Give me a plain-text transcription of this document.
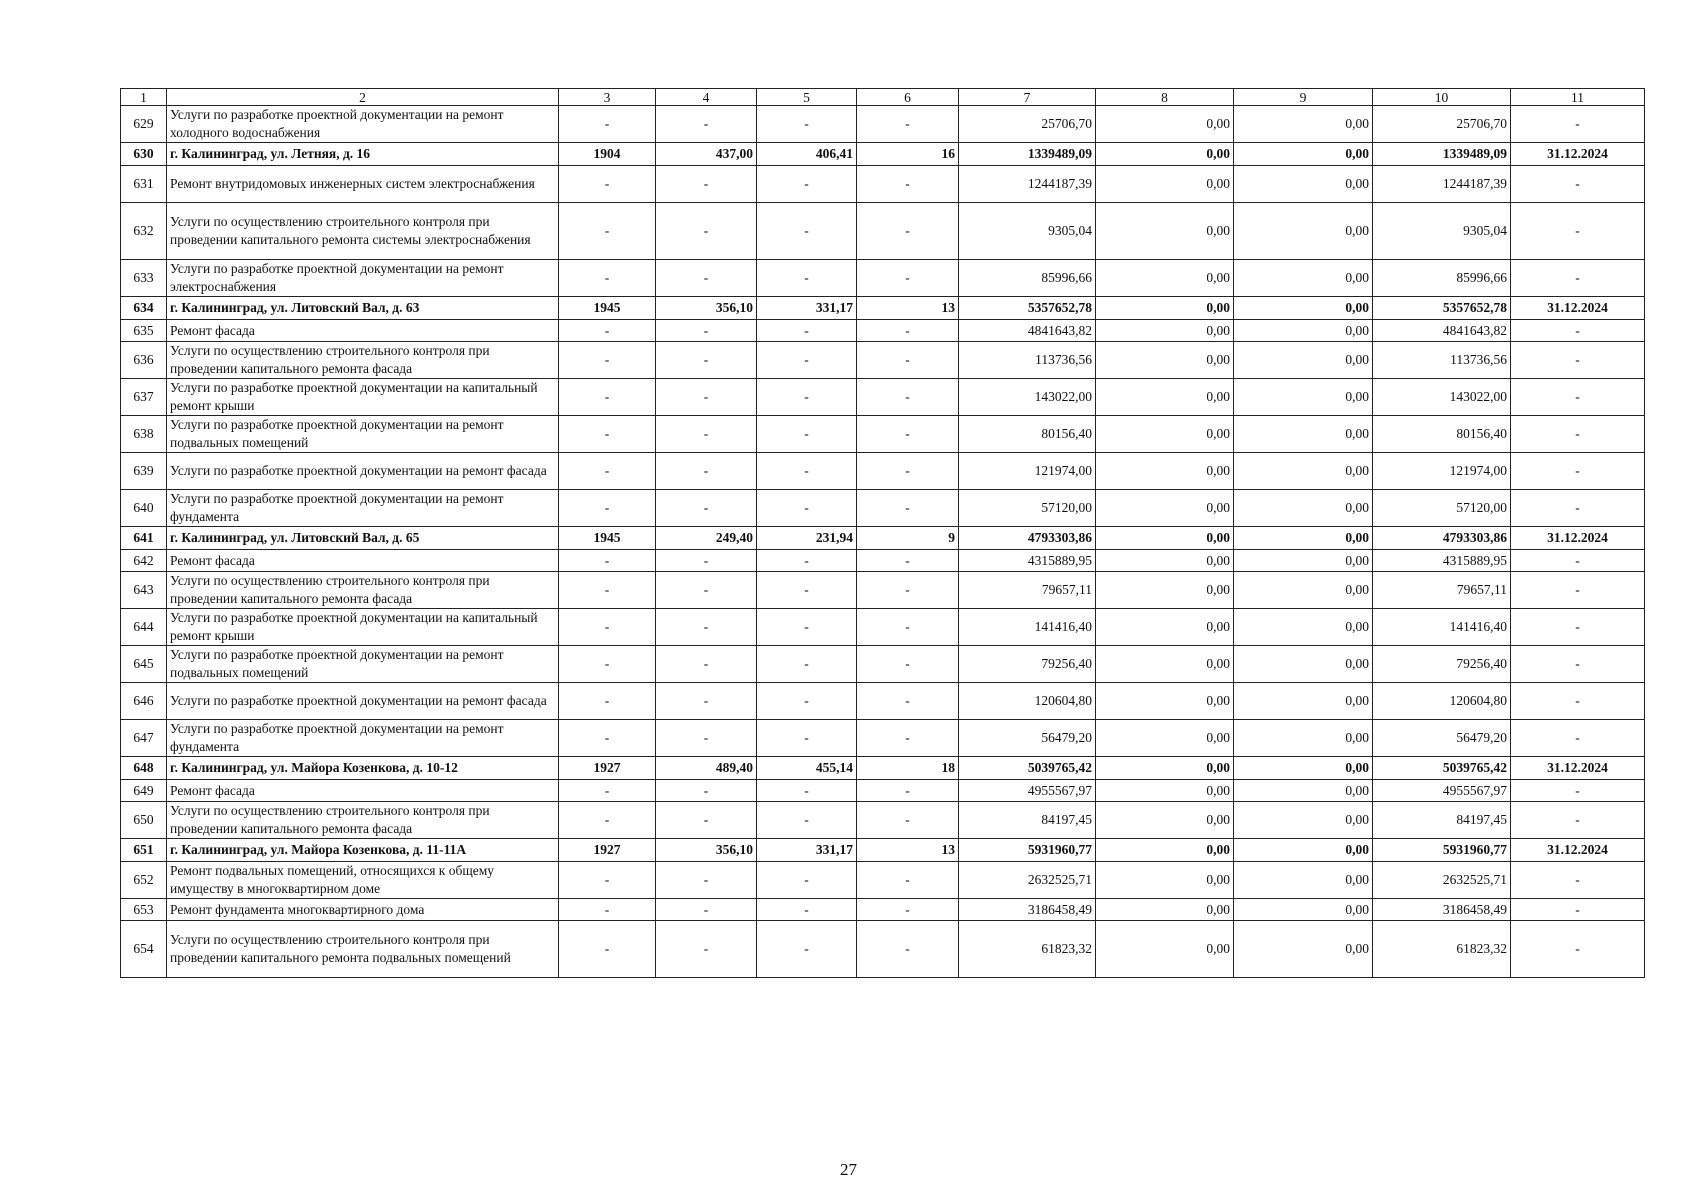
1	2	3	4	5	6	7	8	9	10	11
629	Услуги по разработке проектной документации на ремонт холодного водоснабжения	-	-	-	-	25706,70	0,00	0,00	25706,70	-
630	г. Калининград, ул. Летняя, д. 16	1904	437,00	406,41	16	1339489,09	0,00	0,00	1339489,09	31.12.2024
631	Ремонт внутридомовых инженерных систем электроснабжения	-	-	-	-	1244187,39	0,00	0,00	1244187,39	-
632	Услуги по осуществлению строительного контроля при проведении капитального ремонта системы электроснабжения	-	-	-	-	9305,04	0,00	0,00	9305,04	-
633	Услуги по разработке проектной документации на ремонт электроснабжения	-	-	-	-	85996,66	0,00	0,00	85996,66	-
634	г. Калининград, ул. Литовский Вал, д. 63	1945	356,10	331,17	13	5357652,78	0,00	0,00	5357652,78	31.12.2024
635	Ремонт фасада	-	-	-	-	4841643,82	0,00	0,00	4841643,82	-
636	Услуги по осуществлению строительного контроля при проведении капитального ремонта фасада	-	-	-	-	113736,56	0,00	0,00	113736,56	-
637	Услуги по разработке проектной документации на капитальный ремонт крыши	-	-	-	-	143022,00	0,00	0,00	143022,00	-
638	Услуги по разработке проектной документации на ремонт подвальных помещений	-	-	-	-	80156,40	0,00	0,00	80156,40	-
639	Услуги по разработке проектной документации на ремонт фасада	-	-	-	-	121974,00	0,00	0,00	121974,00	-
640	Услуги по разработке проектной документации на ремонт фундамента	-	-	-	-	57120,00	0,00	0,00	57120,00	-
641	г. Калининград, ул. Литовский Вал, д. 65	1945	249,40	231,94	9	4793303,86	0,00	0,00	4793303,86	31.12.2024
642	Ремонт фасада	-	-	-	-	4315889,95	0,00	0,00	4315889,95	-
643	Услуги по осуществлению строительного контроля при проведении капитального ремонта фасада	-	-	-	-	79657,11	0,00	0,00	79657,11	-
644	Услуги по разработке проектной документации на капитальный ремонт крыши	-	-	-	-	141416,40	0,00	0,00	141416,40	-
645	Услуги по разработке проектной документации на ремонт подвальных помещений	-	-	-	-	79256,40	0,00	0,00	79256,40	-
646	Услуги по разработке проектной документации на ремонт фасада	-	-	-	-	120604,80	0,00	0,00	120604,80	-
647	Услуги по разработке проектной документации на ремонт фундамента	-	-	-	-	56479,20	0,00	0,00	56479,20	-
648	г. Калининград, ул. Майора Козенкова, д. 10-12	1927	489,40	455,14	18	5039765,42	0,00	0,00	5039765,42	31.12.2024
649	Ремонт фасада	-	-	-	-	4955567,97	0,00	0,00	4955567,97	-
650	Услуги по осуществлению строительного контроля при проведении капитального ремонта фасада	-	-	-	-	84197,45	0,00	0,00	84197,45	-
651	г. Калининград, ул. Майора Козенкова, д. 11-11А	1927	356,10	331,17	13	5931960,77	0,00	0,00	5931960,77	31.12.2024
652	Ремонт подвальных помещений, относящихся к общему имуществу в многоквартирном доме	-	-	-	-	2632525,71	0,00	0,00	2632525,71	-
653	Ремонт фундамента многоквартирного дома	-	-	-	-	3186458,49	0,00	0,00	3186458,49	-
654	Услуги по осуществлению строительного контроля при проведении капитального ремонта подвальных помещений	-	-	-	-	61823,32	0,00	0,00	61823,32	-
27
